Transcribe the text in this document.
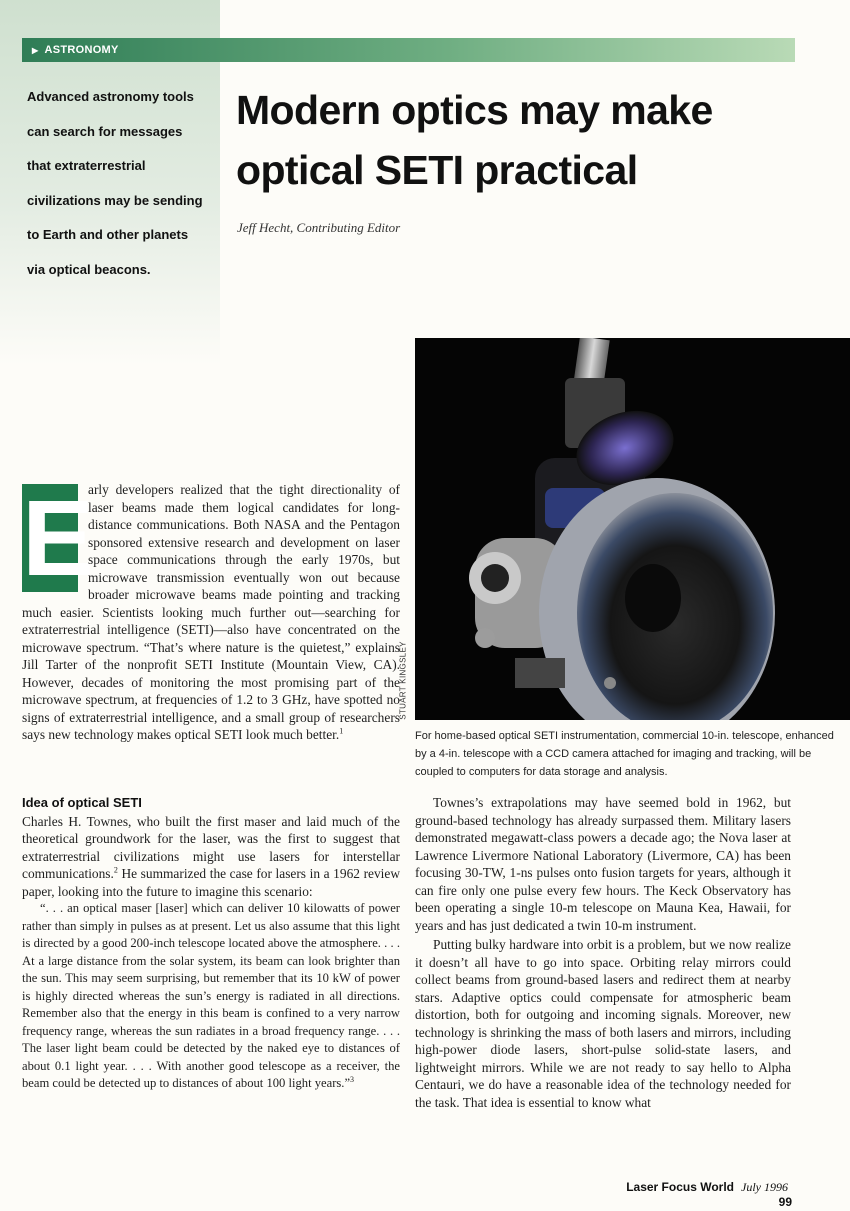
▶ ASTRONOMY

Advanced astronomy tools can search for messages that extraterrestrial civilizations may be sending to Earth and other planets via optical beacons.

Modern optics may make optical SETI practical
Jeff Hecht, Contributing Editor
STUART KINGSLEY

For home-based optical SETI instrumentation, commercial 10-in. telescope, enhanced by a 4-in. telescope with a CCD camera attached for imaging and tracking, will be coupled to computers for data storage and analysis.

E
arly developers realized that the tight directionality of laser beams made them logical candidates for long-distance communications. Both NASA and the Pentagon sponsored extensive research and development on laser space communications through the early 1970s, but microwave transmission eventually won out because broader microwave beams made pointing and tracking much easier. Scientists looking much further out—searching for extraterrestrial intelligence (SETI)—also have concentrated on the microwave spectrum. “That’s where nature is the quietest,” explains Jill Tarter of the nonprofit SETI Institute (Mountain View, CA). However, decades of monitoring the most promising part of the microwave spectrum, at frequencies of 1.2 to 3 GHz, have spotted no signs of extraterrestrial intelligence, and a small group of researchers says new technology makes optical SETI look much better.$^1$
Idea of optical SETI

Charles H. Townes, who built the first maser and laid much of the theoretical groundwork for the laser, was the first to suggest that extraterrestrial civilizations might use lasers for interstellar communications.$^2$ He summarized the case for lasers in a 1962 review paper, looking into the future to imagine this scenario:

“. . . an optical maser [laser] which can deliver 10 kilowatts of power rather than simply in pulses as at present. Let us also assume that this light is directed by a good 200-inch telescope located above the atmosphere. . . . At a large distance from the solar system, its beam can look brighter than the sun. This may seem surprising, but remember that its 10 kW of power is highly directed whereas the sun’s energy is radiated in all directions. Remember also that the energy in this beam is confined to a very narrow frequency range, whereas the sun radiates in a broad frequency range. . . . The laser light beam could be detected by the naked eye to distances of about 0.1 light year. . . . With another good telescope as a receiver, the beam could be detected up to distances of about 100 light years.”$^3$

Townes’s extrapolations may have seemed bold in 1962, but ground-based technology has already surpassed them. Military lasers demonstrated megawatt-class powers a decade ago; the Nova laser at Lawrence Livermore National Laboratory (Livermore, CA) has been focusing 30-TW, 1-ns pulses onto fusion targets for years, although it can fire only one pulse every few hours. The Keck Observatory has been operating a single 10-m telescope on Mauna Kea, Hawaii, for years and has just dedicated a twin 10-m instrument.

Putting bulky hardware into orbit is a problem, but we now realize it doesn’t all have to go into space. Orbiting relay mirrors could collect beams from ground-based lasers and redirect them at nearby stars. Adaptive optics could compensate for atmospheric beam distortion, both for outgoing and incoming signals. Moreover, new technology is shrinking the mass of both lasers and mirrors, including high-power diode lasers, short-pulse solid-state lasers, and lightweight mirrors. While we are not ready to say hello to Alpha Centauri, we do have a reasonable idea of the technology needed for the task. That idea is essential to know what

Laser Focus World July 1996 99
